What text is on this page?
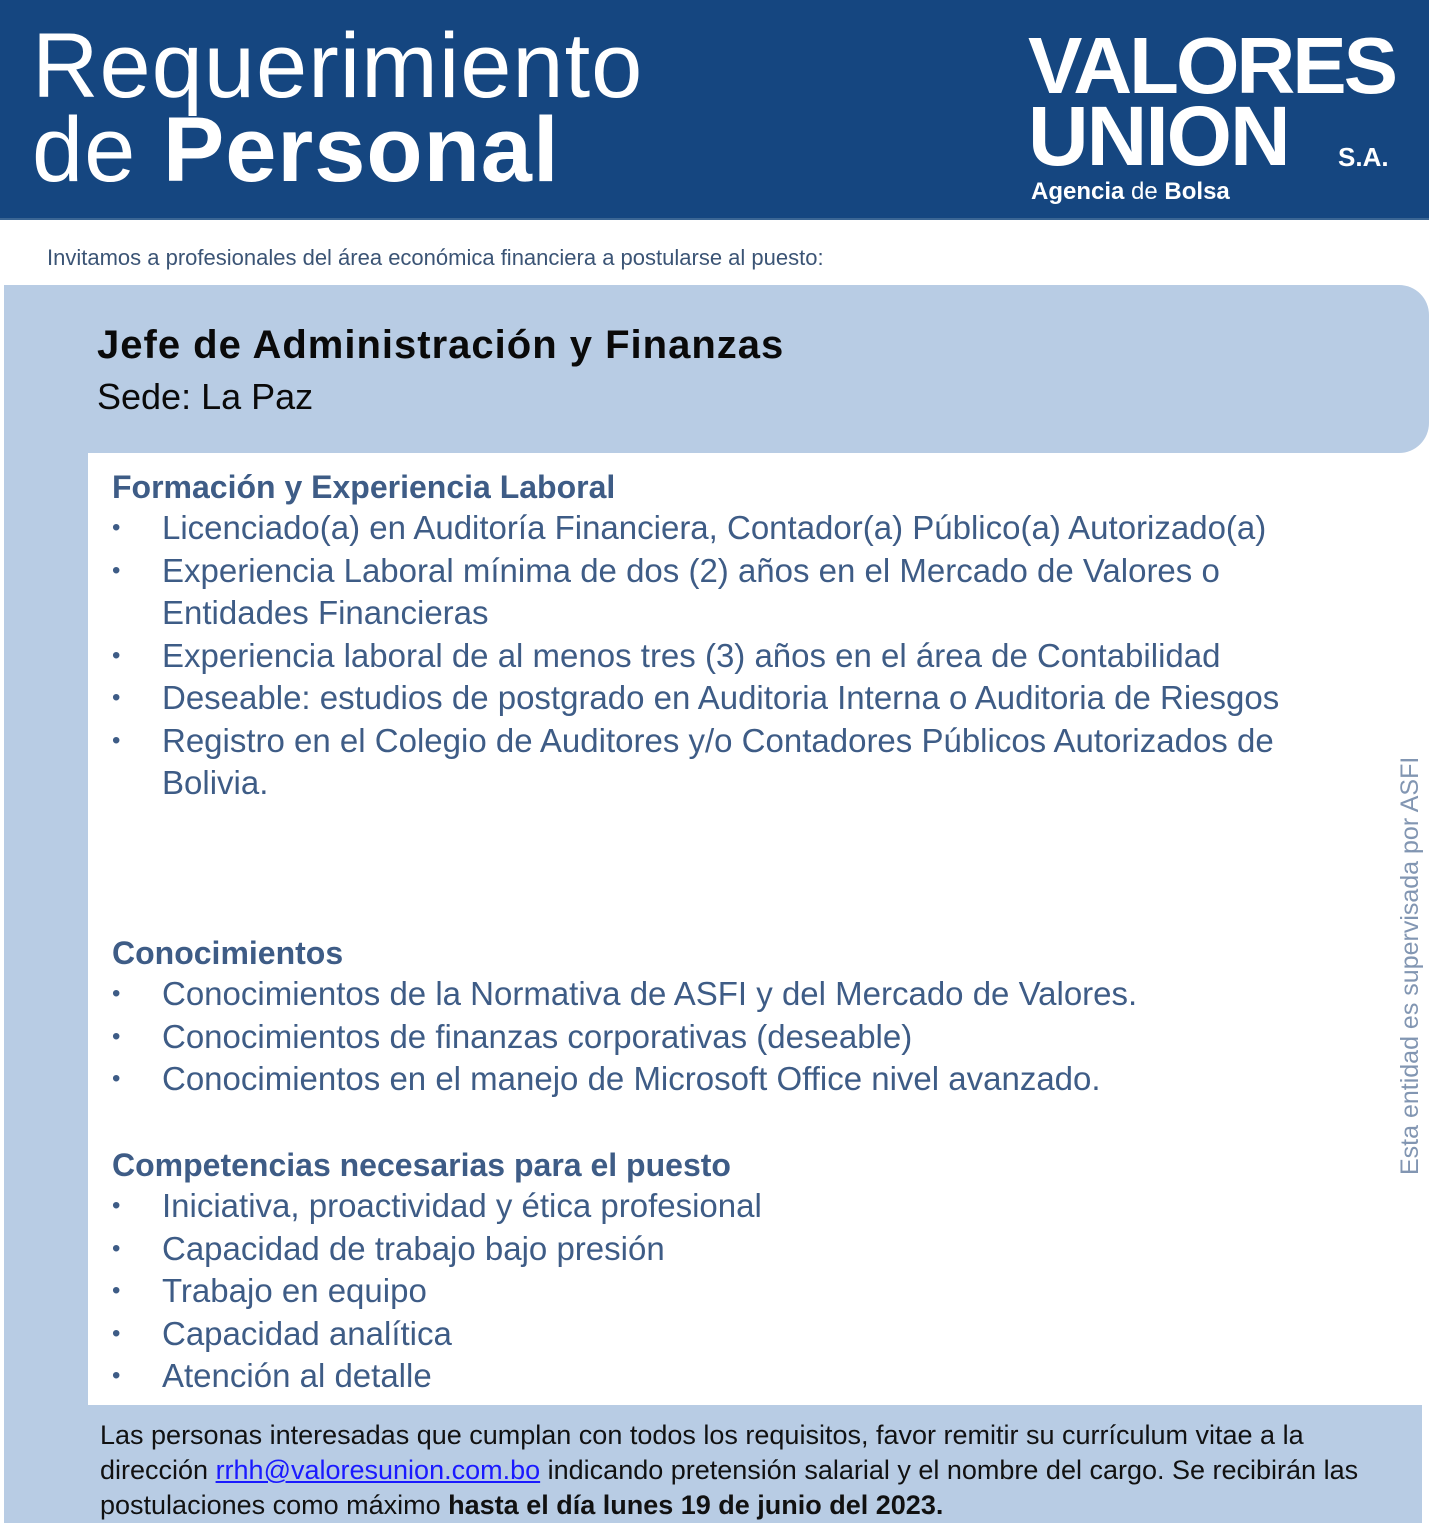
Requerimiento
de Personal
VALORES
UNION S.A.
Agencia de Bolsa
Invitamos a profesionales del área económica financiera a postularse al puesto:
Jefe de Administración y Finanzas
Sede: La Paz
Formación y Experiencia Laboral
•	Licenciado(a) en Auditoría Financiera, Contador(a) Público(a) Autorizado(a)
•	Experiencia Laboral mínima de dos (2) años en el Mercado de Valores o Entidades Financieras
•	Experiencia laboral de al menos tres (3) años en el área de Contabilidad
•	Deseable: estudios de postgrado en Auditoria Interna o Auditoria de Riesgos
•	Registro en el Colegio de Auditores y/o Contadores Públicos Autorizados de Bolivia.
Conocimientos
•	Conocimientos de la Normativa de ASFI y del Mercado de Valores.
•	Conocimientos de finanzas corporativas (deseable)
•	Conocimientos en el manejo de Microsoft Office nivel avanzado.
Competencias necesarias para el puesto
•	Iniciativa, proactividad y ética profesional
•	Capacidad de trabajo bajo presión
•	Trabajo en equipo
•	Capacidad analítica
•	Atención al detalle
Esta entidad es supervisada por ASFI
Las personas interesadas que cumplan con todos los requisitos, favor remitir su currículum vitae a la dirección rrhh@valoresunion.com.bo indicando pretensión salarial y el nombre del cargo. Se recibirán las postulaciones como máximo hasta el día lunes 19 de junio del 2023.
